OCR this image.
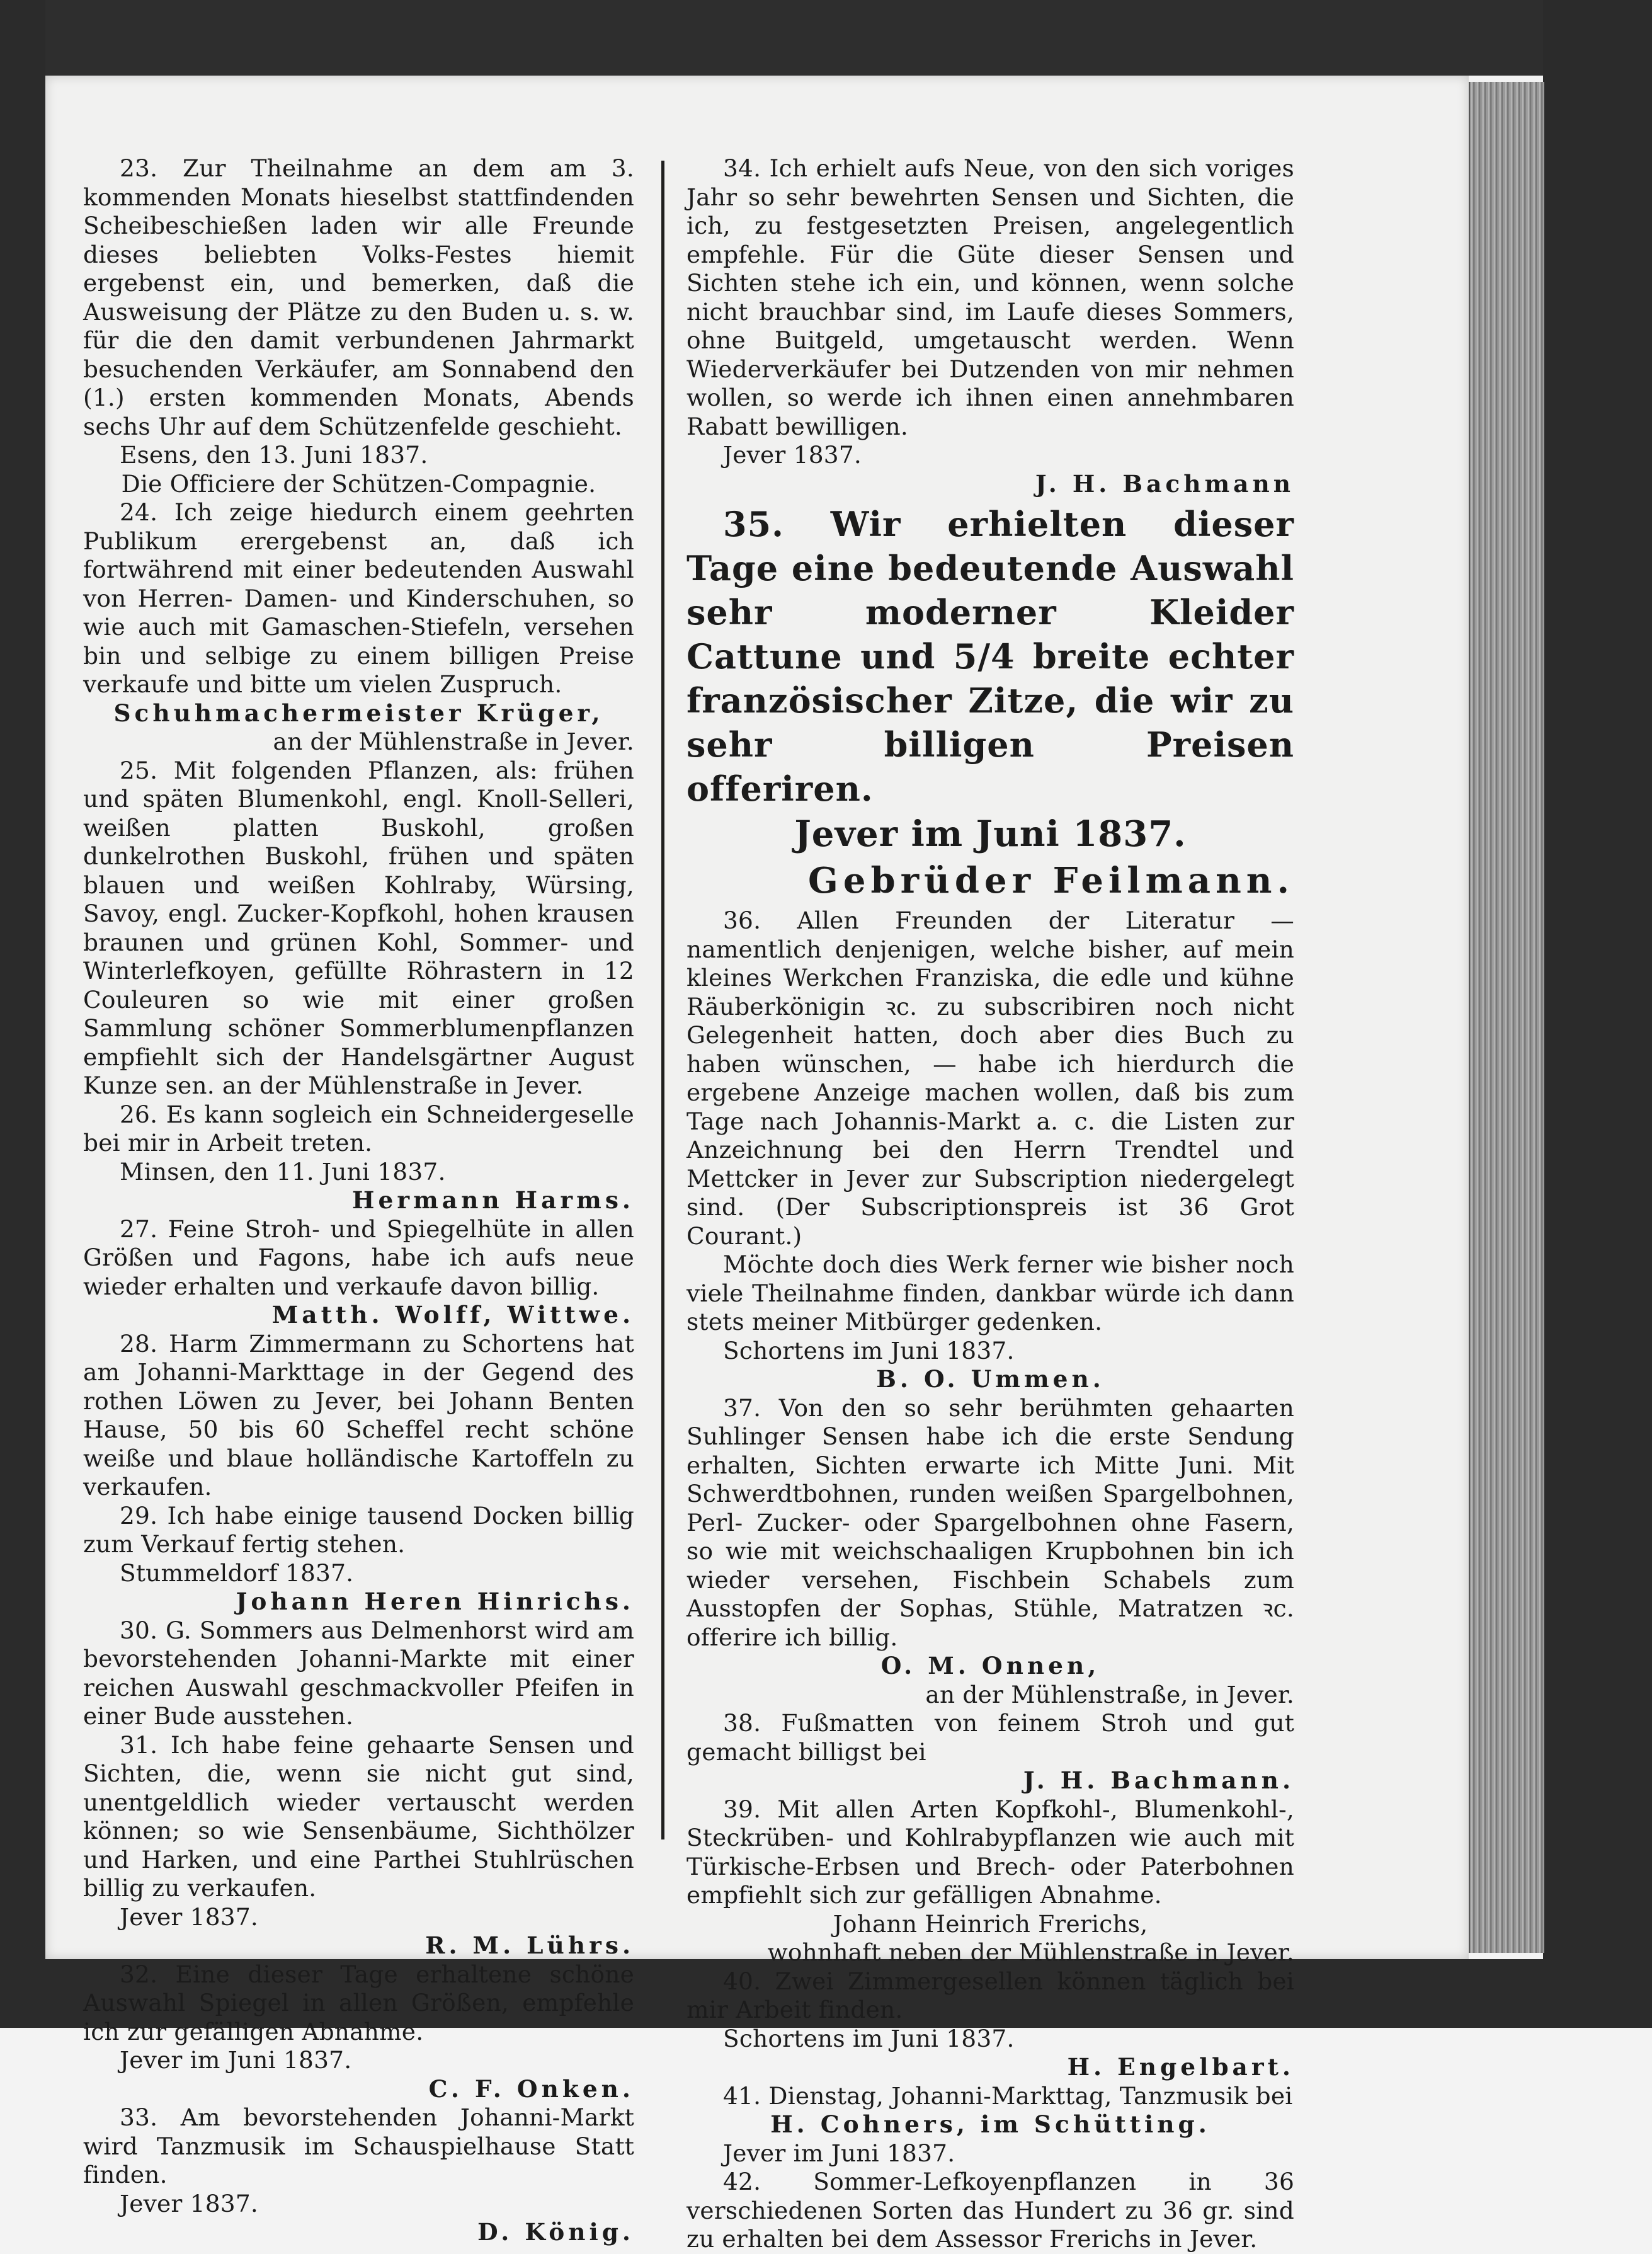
23. Zur Theilnahme an dem am 3. kommenden Monats hieselbst stattfindenden Scheibeschießen laden wir alle Freunde dieses beliebten Volks-Festes hiemit ergebenst ein, und bemerken, daß die Ausweisung der Plätze zu den Buden u. s. w. für die den damit verbundenen Jahrmarkt besuchenden Verkäufer, am Sonnabend den (1.) ersten kommenden Monats, Abends sechs Uhr auf dem Schützenfelde geschieht.

Esens, den 13. Juni 1837.

Die Officiere der Schützen-Compagnie.

24. Ich zeige hiedurch einem geehrten Publikum erergebenst an, daß ich fortwährend mit einer bedeutenden Auswahl von Herren- Damen- und Kinderschuhen, so wie auch mit Gamaschen-Stiefeln, versehen bin und selbige zu einem billigen Preise verkaufe und bitte um vielen Zuspruch.

Schuhmachermeister Krüger,

an der Mühlenstraße in Jever.

25. Mit folgenden Pflanzen, als: frühen und späten Blumenkohl, engl. Knoll-Selleri, weißen platten Buskohl, großen dunkelrothen Buskohl, frühen und späten blauen und weißen Kohlraby, Würsing, Savoy, engl. Zucker-Kopfkohl, hohen krausen braunen und grünen Kohl, Sommer- und Winterlefkoyen, gefüllte Röhrastern in 12 Couleuren so wie mit einer großen Sammlung schöner Sommerblumenpflanzen empfiehlt sich der Handelsgärtner August Kunze sen. an der Mühlenstraße in Jever.

26. Es kann sogleich ein Schneidergeselle bei mir in Arbeit treten.

Minsen, den 11. Juni 1837.

Hermann Harms.

27. Feine Stroh- und Spiegelhüte in allen Größen und Fagons, habe ich aufs neue wieder erhalten und verkaufe davon billig.

Matth. Wolff, Wittwe.

28. Harm Zimmermann zu Schortens hat am Johanni-Markttage in der Gegend des rothen Löwen zu Jever, bei Johann Benten Hause, 50 bis 60 Scheffel recht schöne weiße und blaue holländische Kartoffeln zu verkaufen.

29. Ich habe einige tausend Docken billig zum Verkauf fertig stehen.

Stummeldorf 1837.

Johann Heren Hinrichs.

30. G. Sommers aus Delmenhorst wird am bevorstehenden Johanni-Markte mit einer reichen Auswahl geschmackvoller Pfeifen in einer Bude ausstehen.

31. Ich habe feine gehaarte Sensen und Sichten, die, wenn sie nicht gut sind, unentgeldlich wieder vertauscht werden können; so wie Sensenbäume, Sichthölzer und Harken, und eine Parthei Stuhlrüschen billig zu verkaufen.

Jever 1837.

R. M. Lührs.

32. Eine dieser Tage erhaltene schöne Auswahl Spiegel in allen Größen, empfehle ich zur gefälligen Abnahme.

Jever im Juni 1837.

C. F. Onken.

33. Am bevorstehenden Johanni-Markt wird Tanzmusik im Schauspielhause Statt finden.

Jever 1837.

D. König.

34. Ich erhielt aufs Neue, von den sich voriges Jahr so sehr bewehrten Sensen und Sichten, die ich, zu festgesetzten Preisen, angelegentlich empfehle. Für die Güte dieser Sensen und Sichten stehe ich ein, und können, wenn solche nicht brauchbar sind, im Laufe dieses Sommers, ohne Buitgeld, umgetauscht werden. Wenn Wiederverkäufer bei Dutzenden von mir nehmen wollen, so werde ich ihnen einen annehmbaren Rabatt bewilligen.

Jever 1837.

J. H. Bachmann

35. Wir erhielten dieser Tage eine bedeutende Auswahl sehr moderner Kleider Cattune und 5/4 breite echter französischer Zitze, die wir zu sehr billigen Preisen offeriren.

Jever im Juni 1837.

Gebrüder Feilmann.

36. Allen Freunden der Literatur — namentlich denjenigen, welche bisher, auf mein kleines Werkchen Franziska, die edle und kühne Räuberkönigin ꝛc. zu subscribiren noch nicht Gelegenheit hatten, doch aber dies Buch zu haben wünschen, — habe ich hierdurch die ergebene Anzeige machen wollen, daß bis zum Tage nach Johannis-Markt a. c. die Listen zur Anzeichnung bei den Herrn Trendtel und Mettcker in Jever zur Subscription niedergelegt sind. (Der Subscriptionspreis ist 36 Grot Courant.)

Möchte doch dies Werk ferner wie bisher noch viele Theilnahme finden, dankbar würde ich dann stets meiner Mitbürger gedenken.

Schortens im Juni 1837.

B. O. Ummen.

37. Von den so sehr berühmten gehaarten Suhlinger Sensen habe ich die erste Sendung erhalten, Sichten erwarte ich Mitte Juni. Mit Schwerdtbohnen, runden weißen Spargelbohnen, Perl- Zucker- oder Spargelbohnen ohne Fasern, so wie mit weichschaaligen Krupbohnen bin ich wieder versehen, Fischbein Schabels zum Ausstopfen der Sophas, Stühle, Matratzen ꝛc. offerire ich billig.

O. M. Onnen,

an der Mühlenstraße, in Jever.

38. Fußmatten von feinem Stroh und gut gemacht billigst bei

J. H. Bachmann.

39. Mit allen Arten Kopfkohl-, Blumenkohl-, Steckrüben- und Kohlrabypflanzen wie auch mit Türkische-Erbsen und Brech- oder Paterbohnen empfiehlt sich zur gefälligen Abnahme.

Johann Heinrich Frerichs,

wohnhaft neben der Mühlenstraße in Jever.

40. Zwei Zimmergesellen können täglich bei mir Arbeit finden.

Schortens im Juni 1837.

H. Engelbart.

41. Dienstag, Johanni-Markttag, Tanzmusik bei

H. Cohners, im Schütting.

Jever im Juni 1837.

42. Sommer-Lefkoyenpflanzen in 36 verschiedenen Sorten das Hundert zu 36 gr. sind zu erhalten bei dem Assessor Frerichs in Jever.
